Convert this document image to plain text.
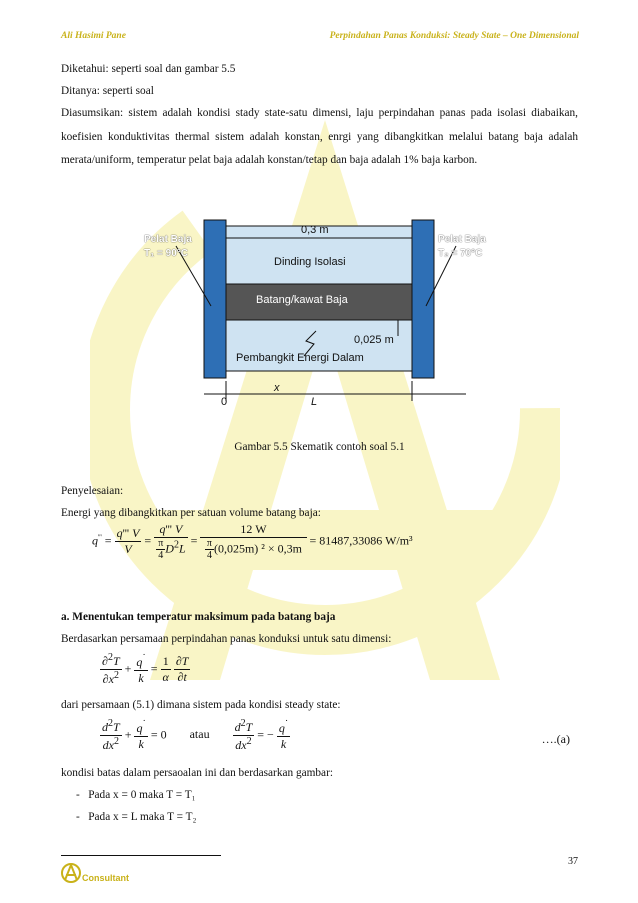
Ali Hasimi Pane	Perpindahan Panas Konduksi: Steady State – One Dimensional
Diketahui: seperti soal dan gambar 5.5
Ditanya: seperti soal
Diasumsikan: sistem adalah kondisi stady state-satu dimensi, laju perpindahan panas pada isolasi diabaikan, koefisien konduktivitas thermal sistem adalah konstan, enrgi yang dibangkitkan melalui batang baja adalah merata/uniform, temperatur pelat baja adalah konstan/tetap dan baja adalah 1% baja karbon.
Pelat Baja
T₁ = 90°C
Pelat Baja
T₂ = 70°C
0,3 m
Dinding Isolasi
Batang/kawat Baja
0,025 m
Pembangkit Energi Dalam
x
0	L
Gambar 5.5 Skematik contoh soal 5.1
Penyelesaian:
Energi yang dibangkitkan per satuan volume batang baja:
$q''' = \frac{q''' V}{V} = \frac{q''' V}{\frac{\pi}{4} D^2L} = \frac{12 W}{\frac{\pi}{4} (0,025m) ^2 \times 0,3m} = 81487,33086$ W/m³
a. Menentukan temperatur maksimum pada batang baja
Berdasarkan persamaan perpindahan panas konduksi untuk satu dimensi:
$\frac{\partial^2T}{\partial x^2} + \frac{q^˙}{k} = \frac{1}{\alpha}$
$\frac{\partial T}{\partial t}$
dari persamaan (5.1) dimana sistem pada kondisi steady state:
$\frac{d^2T}{dx^2} + \frac{q^˙}{k} = 0$ atau $\frac{d^2T}{dx^2}$ = − $\frac{q^˙}{k}$	….(a)
kondisi batas dalam persaoalan ini dan berdasarkan gambar:
-   Pada x = 0 maka T = T₁
-   Pada x = L maka T = T₂
37
Consultant
